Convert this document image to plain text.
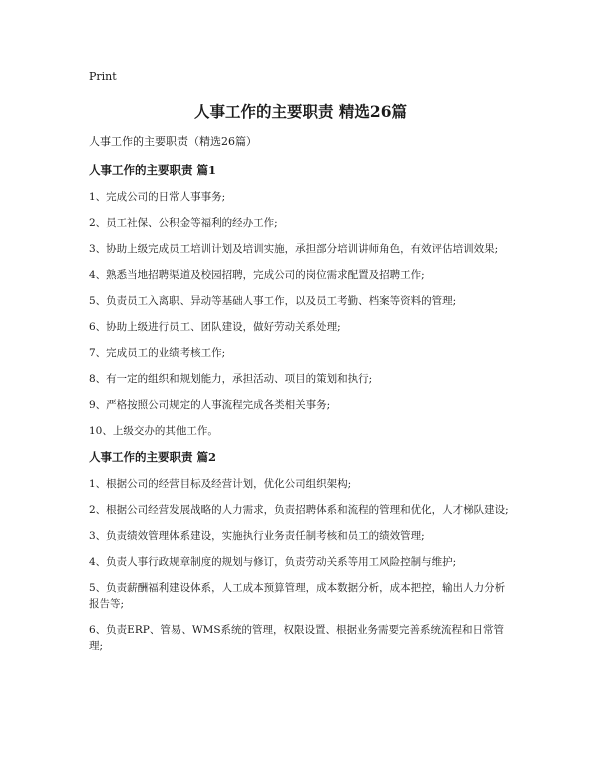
Print
人事工作的主要职责 精选26篇
人事工作的主要职责（精选26篇）
人事工作的主要职责 篇1
1、完成公司的日常人事事务;
2、员工社保、公积金等福利的经办工作;
3、协助上级完成员工培训计划及培训实施，承担部分培训讲师角色，有效评估培训效果;
4、熟悉当地招聘渠道及校园招聘，完成公司的岗位需求配置及招聘工作;
5、负责员工入离职、异动等基础人事工作，以及员工考勤、档案等资料的管理;
6、协助上级进行员工、团队建设，做好劳动关系处理;
7、完成员工的业绩考核工作;
8、有一定的组织和规划能力，承担活动、项目的策划和执行;
9、严格按照公司规定的人事流程完成各类相关事务;
10、上级交办的其他工作。
人事工作的主要职责 篇2
1、根据公司的经营目标及经营计划，优化公司组织架构;
2、根据公司经营发展战略的人力需求，负责招聘体系和流程的管理和优化，人才梯队建设;
3、负责绩效管理体系建设，实施执行业务责任制考核和员工的绩效管理;
4、负责人事行政规章制度的规划与修订，负责劳动关系等用工风险控制与维护;
5、负责薪酬福利建设体系，人工成本预算管理，成本数据分析，成本把控，输出人力分析报告等;
6、负责ERP、管易、WMS系统的管理，权限设置、根据业务需要完善系统流程和日常管理;
